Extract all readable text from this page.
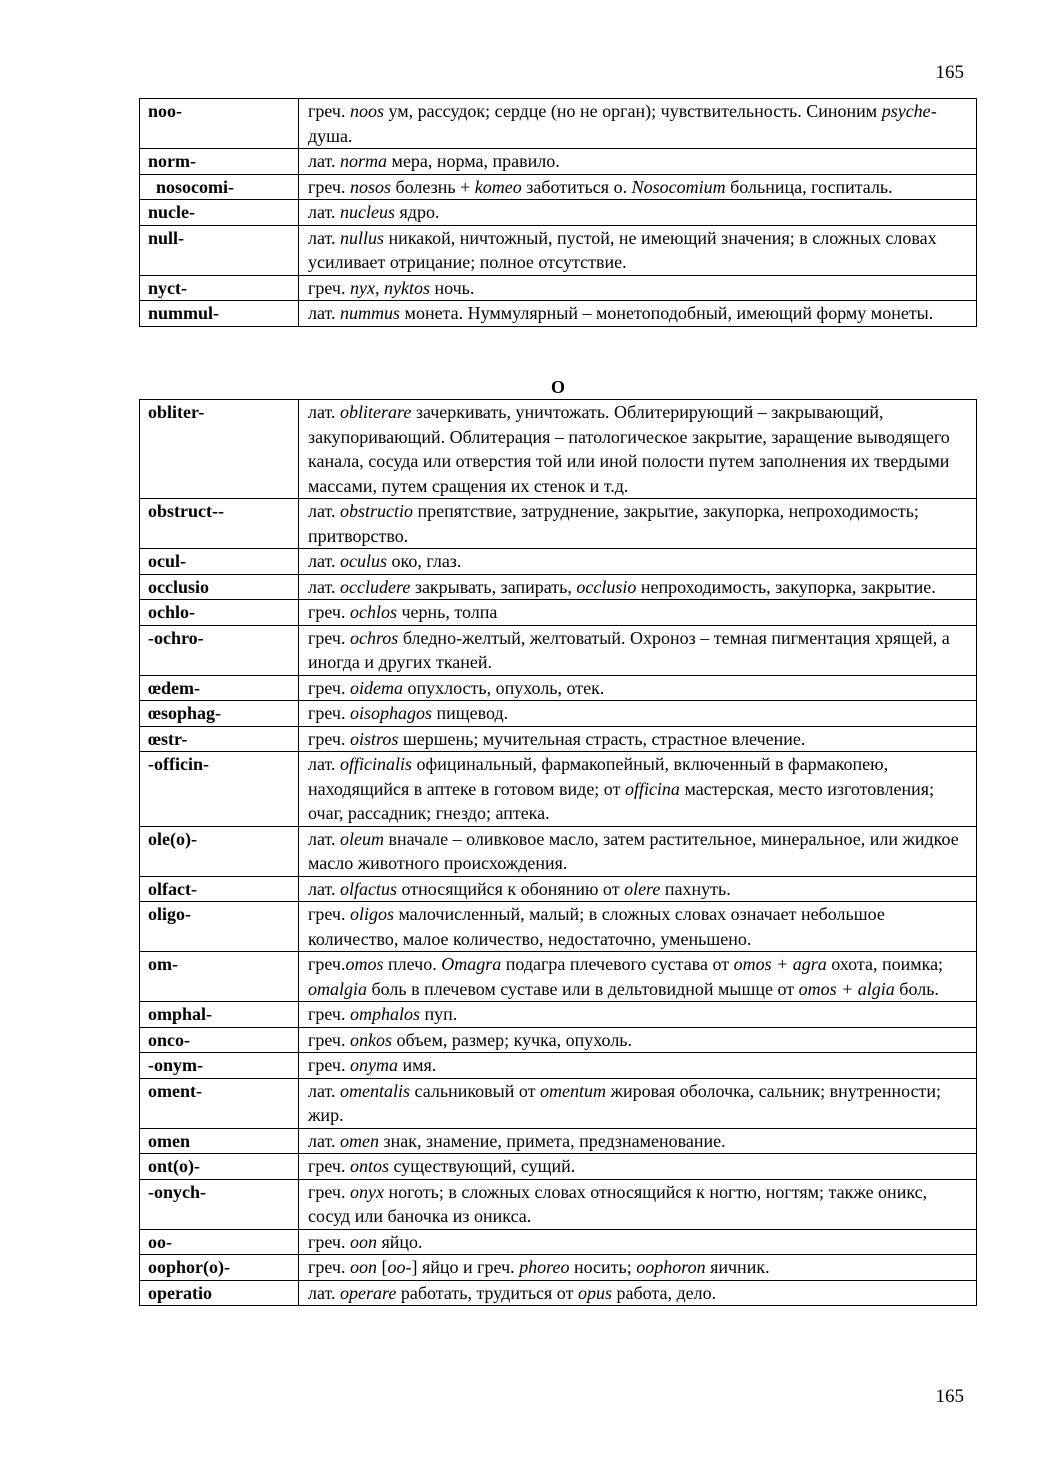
165
noo-	греч. noos ум, рассудок; сердце (но не орган); чувствительность. Синоним psyche-душа.
norm-	лат. norma мера, норма, правило.
nosocomi-	греч. nosos болезнь + komeo заботиться о. Nosocomium больница, госпиталь.
nucle-	лат. nucleus ядро.
null-	лат. nullus никакой, ничтожный, пустой, не имеющий значения; в сложных словах усиливает отрицание; полное отсутствие.
nyct-	греч. nyx, nyktos ночь.
nummul-	лат. nummus монета. Нуммулярный – монетоподобный, имеющий форму монеты.
O
obliter-	лат. obliterare зачеркивать, уничтожать. Облитерирующий – закрывающий, закупоривающий. Облитерация – патологическое закрытие, заращение выводящего канала, сосуда или отверстия той или иной полости путем заполнения их твердыми массами, путем сращения их стенок и т.д.
obstruct--	лат. obstructio препятствие, затруднение, закрытие, закупорка, непроходимость; притворство.
ocul-	лат. oculus око, глаз.
occlusio	лат. occludere закрывать, запирать, occlusio непроходимость, закупорка, закрытие.
ochlo-	греч. ochlos чернь, толпа
-ochro-	греч. ochros бледно-желтый, желтоватый. Охроноз – темная пигментация хрящей, а иногда и других тканей.
œdem-	греч. oidema опухлость, опухоль, отек.
œsophag-	греч. oisophagos пищевод.
œstr-	греч. oistros шершень; мучительная страсть, страстное влечение.
-officin-	лат. officinalis официнальный, фармакопейный, включенный в фармакопею, находящийся в аптеке в готовом виде; от officina мастерская, место изготовления; очаг, рассадник; гнездо; аптека.
ole(o)-	лат. oleum вначале – оливковое масло, затем растительное, минеральное, или жидкое масло животного происхождения.
olfact-	лат. olfactus относящийся к обонянию от olere пахнуть.
oligo-	греч. oligos малочисленный, малый; в сложных словах означает небольшое количество, малое количество, недостаточно, уменьшено.
om-	греч.omos плечо. Omagra подагра плечевого сустава от omos + agra охота, поимка; omalgia боль в плечевом суставе или в дельтовидной мышце от omos + algia боль.
omphal-	греч. omphalos пуп.
onco-	греч. onkos объем, размер; кучка, опухоль.
-onym-	греч. onyma имя.
oment-	лат. omentalis сальниковый от omentum жировая оболочка, сальник; внутренности; жир.
omen	лат. omen знак, знамение, примета, предзнаменование.
ont(o)-	греч. ontos существующий, сущий.
-onych-	греч. onyx ноготь; в сложных словах относящийся к ногтю, ногтям; также оникс, сосуд или баночка из оникса.
oo-	греч. oon яйцо.
oophor(o)-	греч. oon [oo-] яйцо и греч. phoreo носить; oophoron яичник.
operatio	лат. operare работать, трудиться от opus работа, дело.
165
